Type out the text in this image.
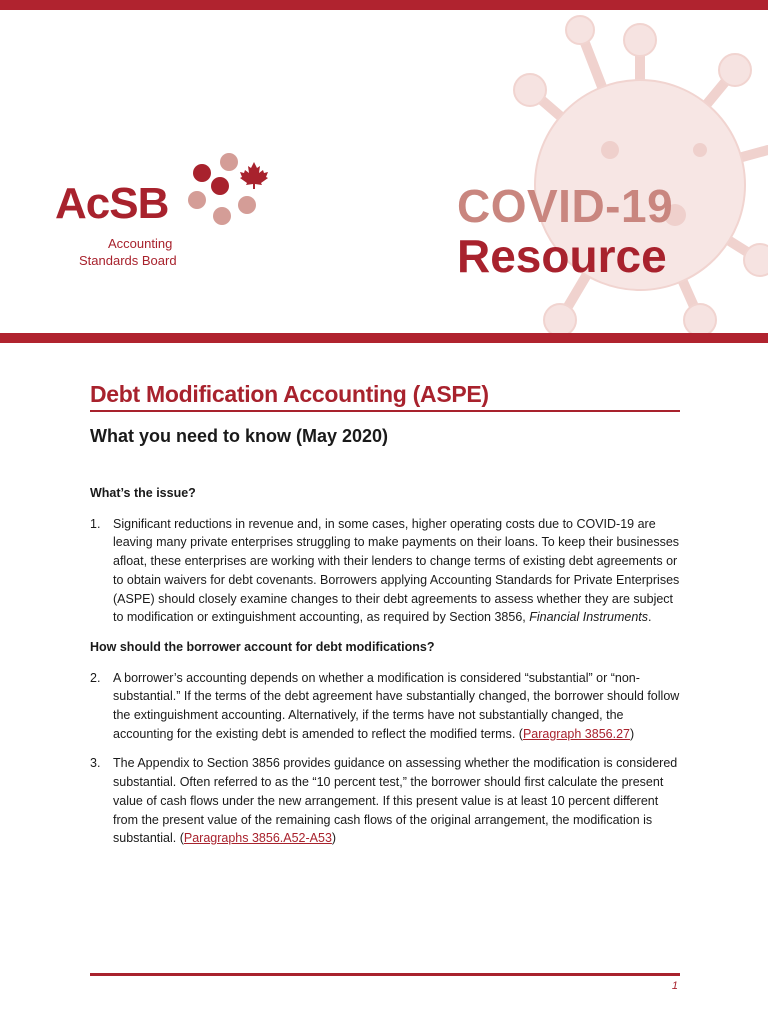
AcSB
Accounting
Standards Board
COVID-19
Resource
Debt Modification Accounting (ASPE)
What you need to know (May 2020)
What’s the issue?
1.	Significant reductions in revenue and, in some cases, higher operating costs due to COVID-19 are leaving many private enterprises struggling to make payments on their loans. To keep their businesses afloat, these enterprises are working with their lenders to change terms of existing debt agreements or to obtain waivers for debt covenants. Borrowers applying Accounting Standards for Private Enterprises (ASPE) should closely examine changes to their debt agreements to assess whether they are subject to modification or extinguishment accounting, as required by Section 3856, Financial Instruments.
How should the borrower account for debt modifications?
2.	A borrower’s accounting depends on whether a modification is considered “substantial” or “non-substantial.” If the terms of the debt agreement have substantially changed, the borrower should follow the extinguishment accounting. Alternatively, if the terms have not substantially changed, the accounting for the existing debt is amended to reflect the modified terms. (Paragraph 3856.27)
3.	The Appendix to Section 3856 provides guidance on assessing whether the modification is considered substantial. Often referred to as the “10 percent test,” the borrower should first calculate the present value of cash flows under the new arrangement. If this present value is at least 10 percent different from the present value of the remaining cash flows of the original arrangement, the modification is substantial. (Paragraphs 3856.A52-A53)
1
